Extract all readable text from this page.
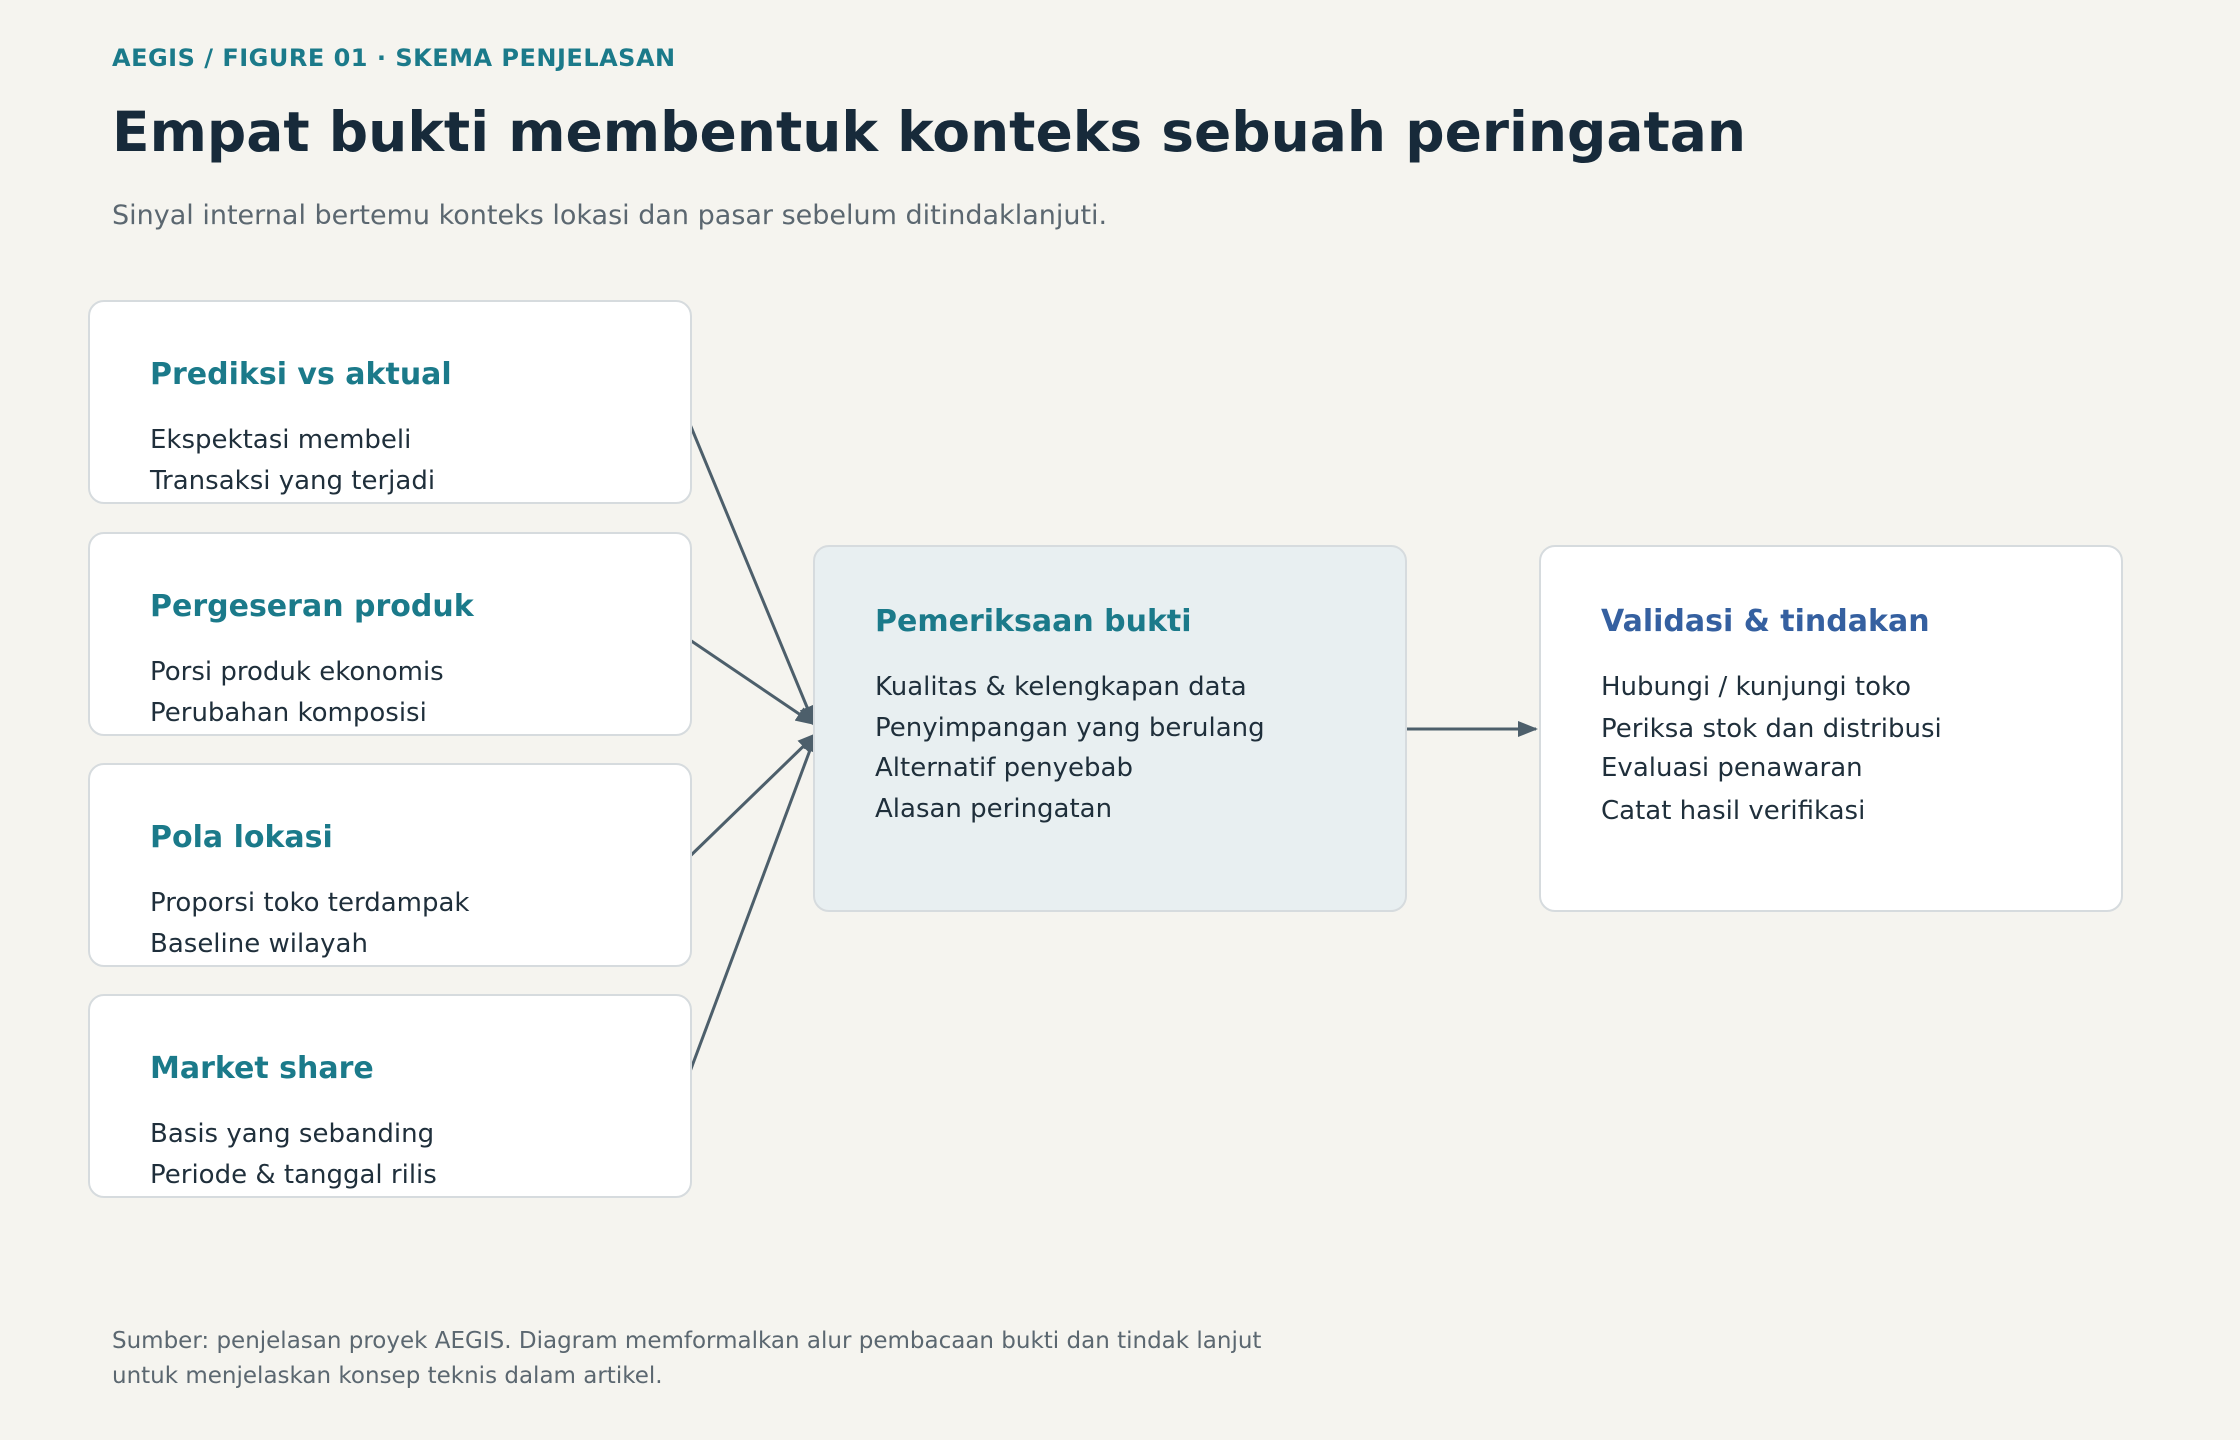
AEGIS / FIGURE 01 · SKEMA PENJELASAN
Empat bukti membentuk konteks sebuah peringatan
Sinyal internal bertemu konteks lokasi dan pasar sebelum ditindaklanjuti.
Prediksi vs aktual
Ekspektasi membeli
Transaksi yang terjadi
Pergeseran produk
Porsi produk ekonomis
Perubahan komposisi
Pola lokasi
Proporsi toko terdampak
Baseline wilayah
Market share
Basis yang sebanding
Periode & tanggal rilis
Pemeriksaan bukti
Kualitas & kelengkapan data
Penyimpangan yang berulang
Alternatif penyebab
Alasan peringatan
Validasi & tindakan
Hubungi / kunjungi toko
Periksa stok dan distribusi
Evaluasi penawaran
Catat hasil verifikasi
Sumber: penjelasan proyek AEGIS. Diagram memformalkan alur pembacaan bukti dan tindak lanjut
untuk menjelaskan konsep teknis dalam artikel.
